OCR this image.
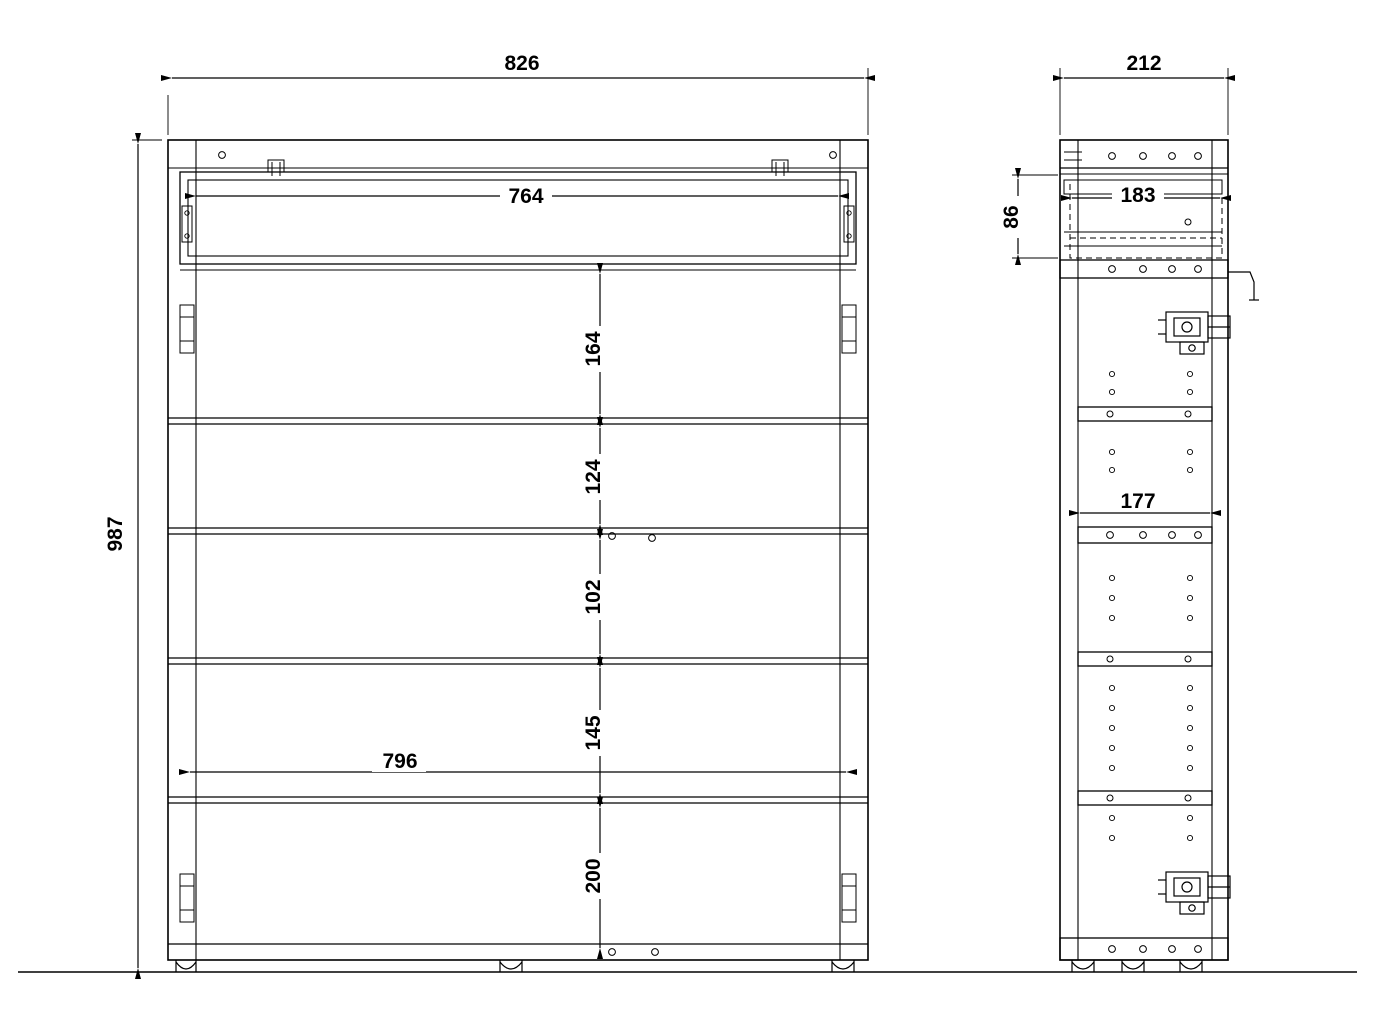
826
987
764
164
124
102
145
200
796
212
86
183
177
